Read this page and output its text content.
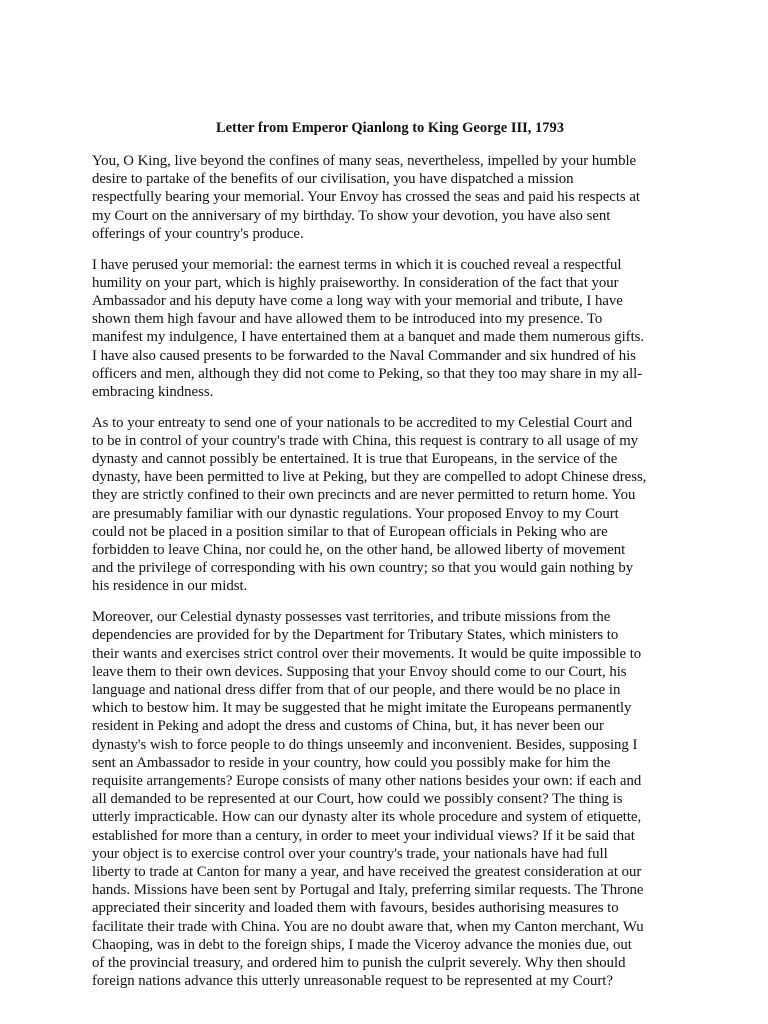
Letter from Emperor Qianlong to King George III, 1793

You, O King, live beyond the confines of many seas, nevertheless, impelled by your humble
desire to partake of the benefits of our civilisation, you have dispatched a mission
respectfully bearing your memorial. Your Envoy has crossed the seas and paid his respects at
my Court on the anniversary of my birthday. To show your devotion, you have also sent
offerings of your country's produce.

I have perused your memorial: the earnest terms in which it is couched reveal a respectful
humility on your part, which is highly praiseworthy. In consideration of the fact that your
Ambassador and his deputy have come a long way with your memorial and tribute, I have
shown them high favour and have allowed them to be introduced into my presence. To
manifest my indulgence, I have entertained them at a banquet and made them numerous gifts.
I have also caused presents to be forwarded to the Naval Commander and six hundred of his
officers and men, although they did not come to Peking, so that they too may share in my all-
embracing kindness.

As to your entreaty to send one of your nationals to be accredited to my Celestial Court and
to be in control of your country's trade with China, this request is contrary to all usage of my
dynasty and cannot possibly be entertained. It is true that Europeans, in the service of the
dynasty, have been permitted to live at Peking, but they are compelled to adopt Chinese dress,
they are strictly confined to their own precincts and are never permitted to return home. You
are presumably familiar with our dynastic regulations. Your proposed Envoy to my Court
could not be placed in a position similar to that of European officials in Peking who are
forbidden to leave China, nor could he, on the other hand, be allowed liberty of movement
and the privilege of corresponding with his own country; so that you would gain nothing by
his residence in our midst.

Moreover, our Celestial dynasty possesses vast territories, and tribute missions from the
dependencies are provided for by the Department for Tributary States, which ministers to
their wants and exercises strict control over their movements. It would be quite impossible to
leave them to their own devices. Supposing that your Envoy should come to our Court, his
language and national dress differ from that of our people, and there would be no place in
which to bestow him. It may be suggested that he might imitate the Europeans permanently
resident in Peking and adopt the dress and customs of China, but, it has never been our
dynasty's wish to force people to do things unseemly and inconvenient. Besides, supposing I
sent an Ambassador to reside in your country, how could you possibly make for him the
requisite arrangements? Europe consists of many other nations besides your own: if each and
all demanded to be represented at our Court, how could we possibly consent? The thing is
utterly impracticable. How can our dynasty alter its whole procedure and system of etiquette,
established for more than a century, in order to meet your individual views? If it be said that
your object is to exercise control over your country's trade, your nationals have had full
liberty to trade at Canton for many a year, and have received the greatest consideration at our
hands. Missions have been sent by Portugal and Italy, preferring similar requests. The Throne
appreciated their sincerity and loaded them with favours, besides authorising measures to
facilitate their trade with China. You are no doubt aware that, when my Canton merchant, Wu
Chaoping, was in debt to the foreign ships, I made the Viceroy advance the monies due, out
of the provincial treasury, and ordered him to punish the culprit severely. Why then should
foreign nations advance this utterly unreasonable request to be represented at my Court?
